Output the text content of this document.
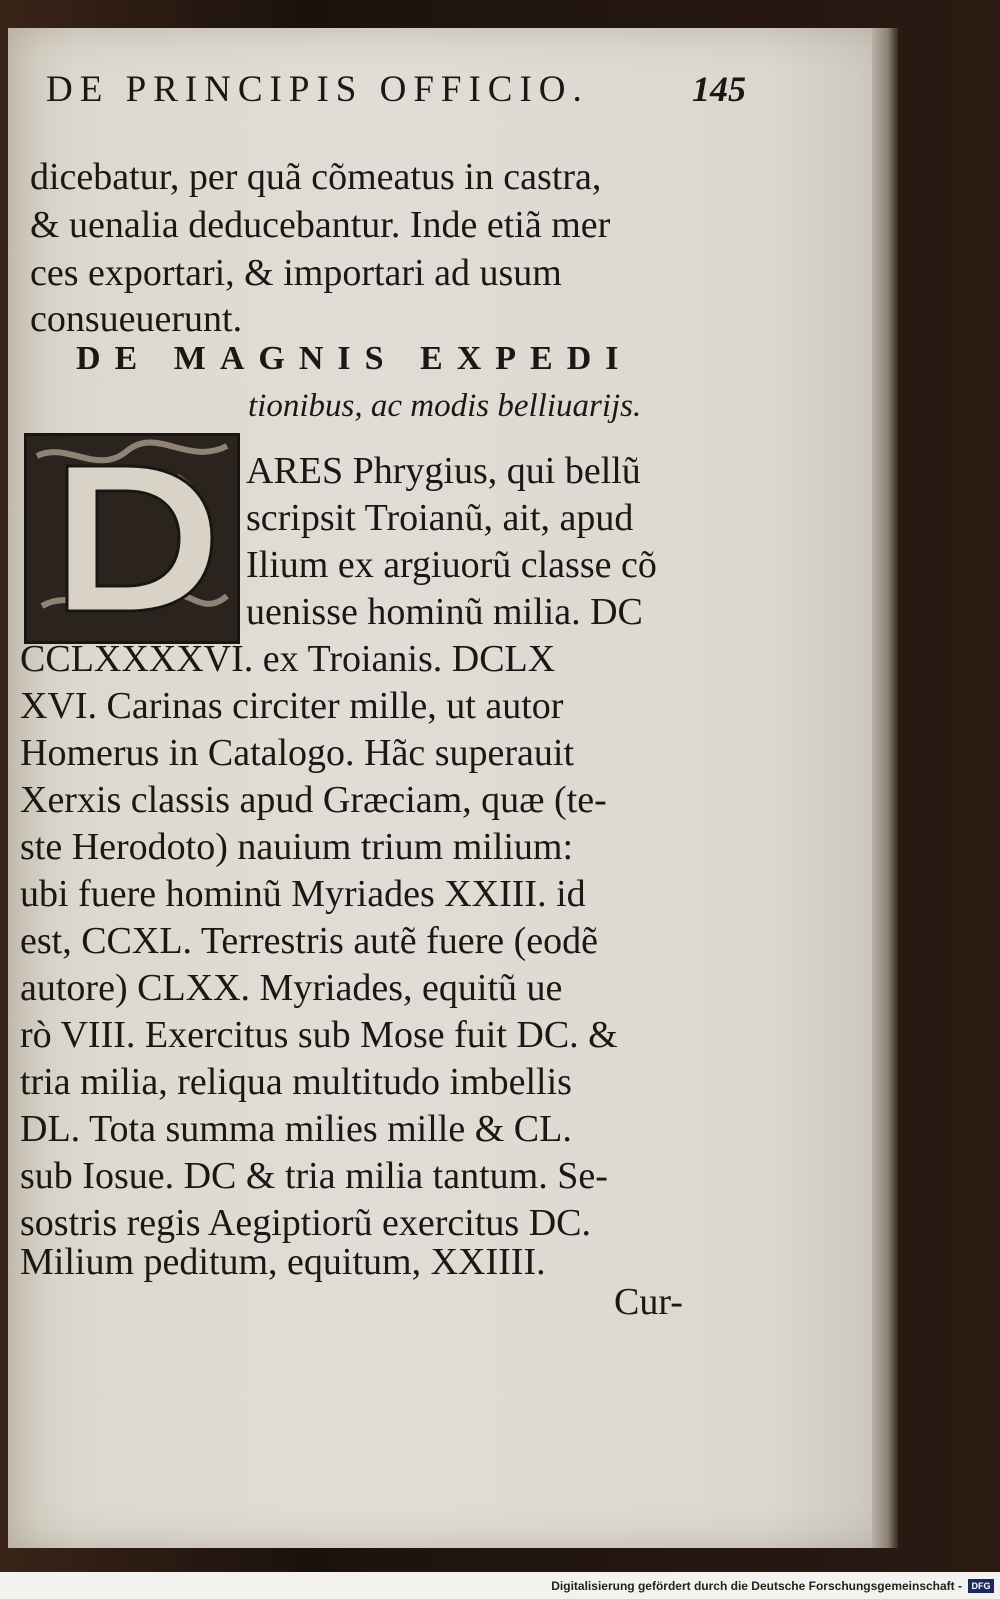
DE PRINCIPIS OFFICIO.	145
dicebatur, per quã cõmeatus in castra,
& uenalia deducebantur. Inde etiã mer
ces exportari, & importari ad usum
consueuerunt.
DE MAGNIS EXPEDI
tionibus, ac modis belliuarijs.
D
ARES Phrygius, qui bellũ
scripsit Troianũ, ait, apud
Ilium ex argiuorũ classe cõ
uenisse hominũ milia. DC
CCLXXXXVI. ex Troianis. DCLX
XVI. Carinas circiter mille, ut autor
Homerus in Catalogo. Hãc superauit
Xerxis classis apud Græciam, quæ (te-
ste Herodoto) nauium trium milium:
ubi fuere hominũ Myriades XXIII. id
est, CCXL. Terrestris autẽ fuere (eodẽ
autore) CLXX. Myriades, equitũ ue
rò VIII. Exercitus sub Mose fuit DC. &
tria milia, reliqua multitudo imbellis
DL. Tota summa milies mille & CL.
sub Iosue. DC & tria milia tantum. Se-
sostris regis Aegiptiorũ exercitus DC.
Milium peditum, equitum, XXIIII.
Cur-
Digitalisierung gefördert durch die Deutsche Forschungsgemeinschaft -	DFG
